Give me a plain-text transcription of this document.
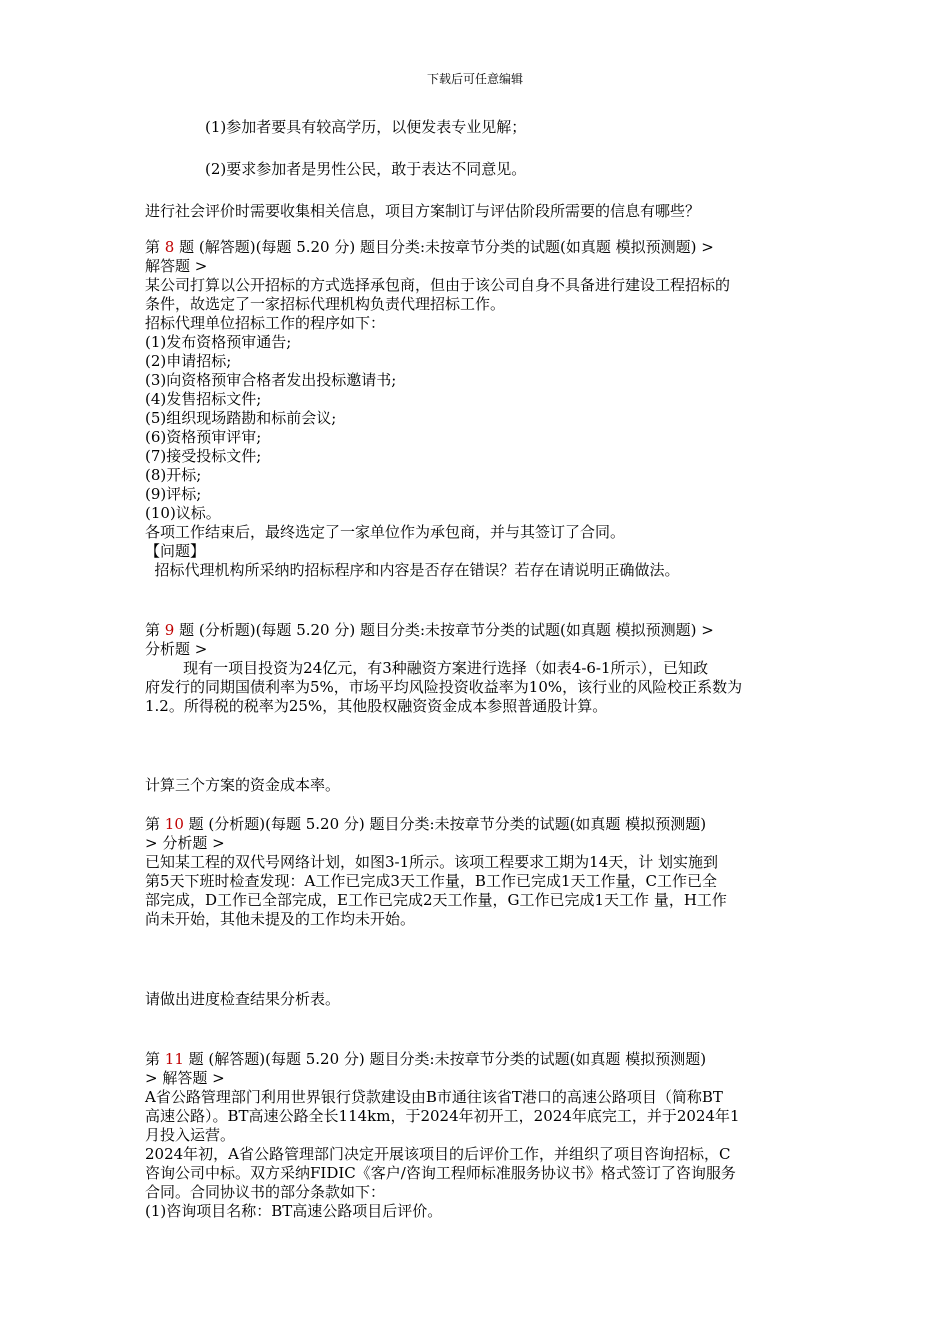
下载后可任意编辑
(1)参加者要具有较高学历，以便发表专业见解；
(2)要求参加者是男性公民，敢于表达不同意见。
进行社会评价时需要收集相关信息，项目方案制订与评估阶段所需要的信息有哪些？
第 8 题 (解答题)(每题 5.20 分) 题目分类:未按章节分类的试题(如真题 模拟预测题) >
解答题 >
某公司打算以公开招标的方式选择承包商，但由于该公司自身不具备进行建设工程招标的
条件，故选定了一家招标代理机构负责代理招标工作。
招标代理单位招标工作的程序如下：
(1)发布资格预审通告;
(2)申请招标;
(3)向资格预审合格者发出投标邀请书;
(4)发售招标文件;
(5)组织现场踏勘和标前会议;
(6)资格预审评审;
(7)接受投标文件;
(8)开标;
(9)评标;
(10)议标。
各项工作结束后，最终选定了一家单位作为承包商，并与其签订了合同。
【问题】
招标代理机构所采纳旳招标程序和内容是否存在错误？若存在请说明正确做法。
第 9 题 (分析题)(每题 5.20 分) 题目分类:未按章节分类的试题(如真题 模拟预测题) >
分析题 >
现有一项目投资为24亿元，有3种融资方案进行选择（如表4-6-1所示），已知政
府发行的同期国债利率为5%，市场平均风险投资收益率为10%，该行业的风险校正系数为
1.2。所得税的税率为25%，其他股权融资资金成本参照普通股计算。
计算三个方案的资金成本率。
第 10 题 (分析题)(每题 5.20 分) 题目分类:未按章节分类的试题(如真题 模拟预测题)
> 分析题 >
已知某工程的双代号网络计划，如图3-1所示。该项工程要求工期为14天，计 划实施到
第5天下班时检查发现：A工作已完成3天工作量，B工作已完成1天工作量，C工作已全
部完成，D工作已全部完成，E工作已完成2天工作量，G工作已完成1天工作 量，H工作
尚未开始，其他未提及的工作均未开始。
请做出进度检查结果分析表。
第 11 题 (解答题)(每题 5.20 分) 题目分类:未按章节分类的试题(如真题 模拟预测题)
> 解答题 >
A省公路管理部门利用世界银行贷款建设由B市通往该省T港口的高速公路项目（简称BT
高速公路）。BT高速公路全长114km，于2024年初开工，2024年底完工，并于2024年1
月投入运营。
2024年初，A省公路管理部门决定开展该项目的后评价工作，并组织了项目咨询招标，C
咨询公司中标。双方采纳FIDIC《客户/咨询工程师标准服务协议书》格式签订了咨询服务
合同。合同协议书的部分条款如下：
(1)咨询项目名称：BT高速公路项目后评价。
